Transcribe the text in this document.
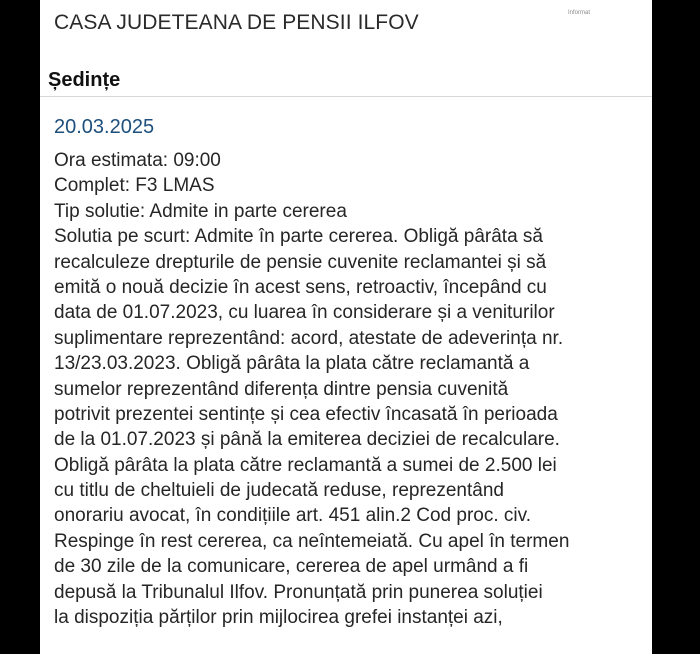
CASA JUDETEANA DE PENSII ILFOV	Informat
Ședințe
20.03.2025
Ora estimata: 09:00
Complet: F3 LMAS
Tip solutie: Admite in parte cererea
Solutia pe scurt: Admite în parte cererea. Obligă pârâta să
recalculeze drepturile de pensie cuvenite reclamantei și să
emită o nouă decizie în acest sens, retroactiv, începând cu
data de 01.07.2023, cu luarea în considerare și a veniturilor
suplimentare reprezentând: acord, atestate de adeverința nr.
13/23.03.2023. Obligă pârâta la plata către reclamantă a
sumelor reprezentând diferența dintre pensia cuvenită
potrivit prezentei sentințe și cea efectiv încasată în perioada
de la 01.07.2023 și până la emiterea deciziei de recalculare.
Obligă pârâta la plata către reclamantă a sumei de 2.500 lei
cu titlu de cheltuieli de judecată reduse, reprezentând
onorariu avocat, în condițiile art. 451 alin.2 Cod proc. civ.
Respinge în rest cererea, ca neîntemeiată. Cu apel în termen
de 30 zile de la comunicare, cererea de apel urmând a fi
depusă la Tribunalul Ilfov. Pronunțată prin punerea soluției
la dispoziția părților prin mijlocirea grefei instanței azi,
